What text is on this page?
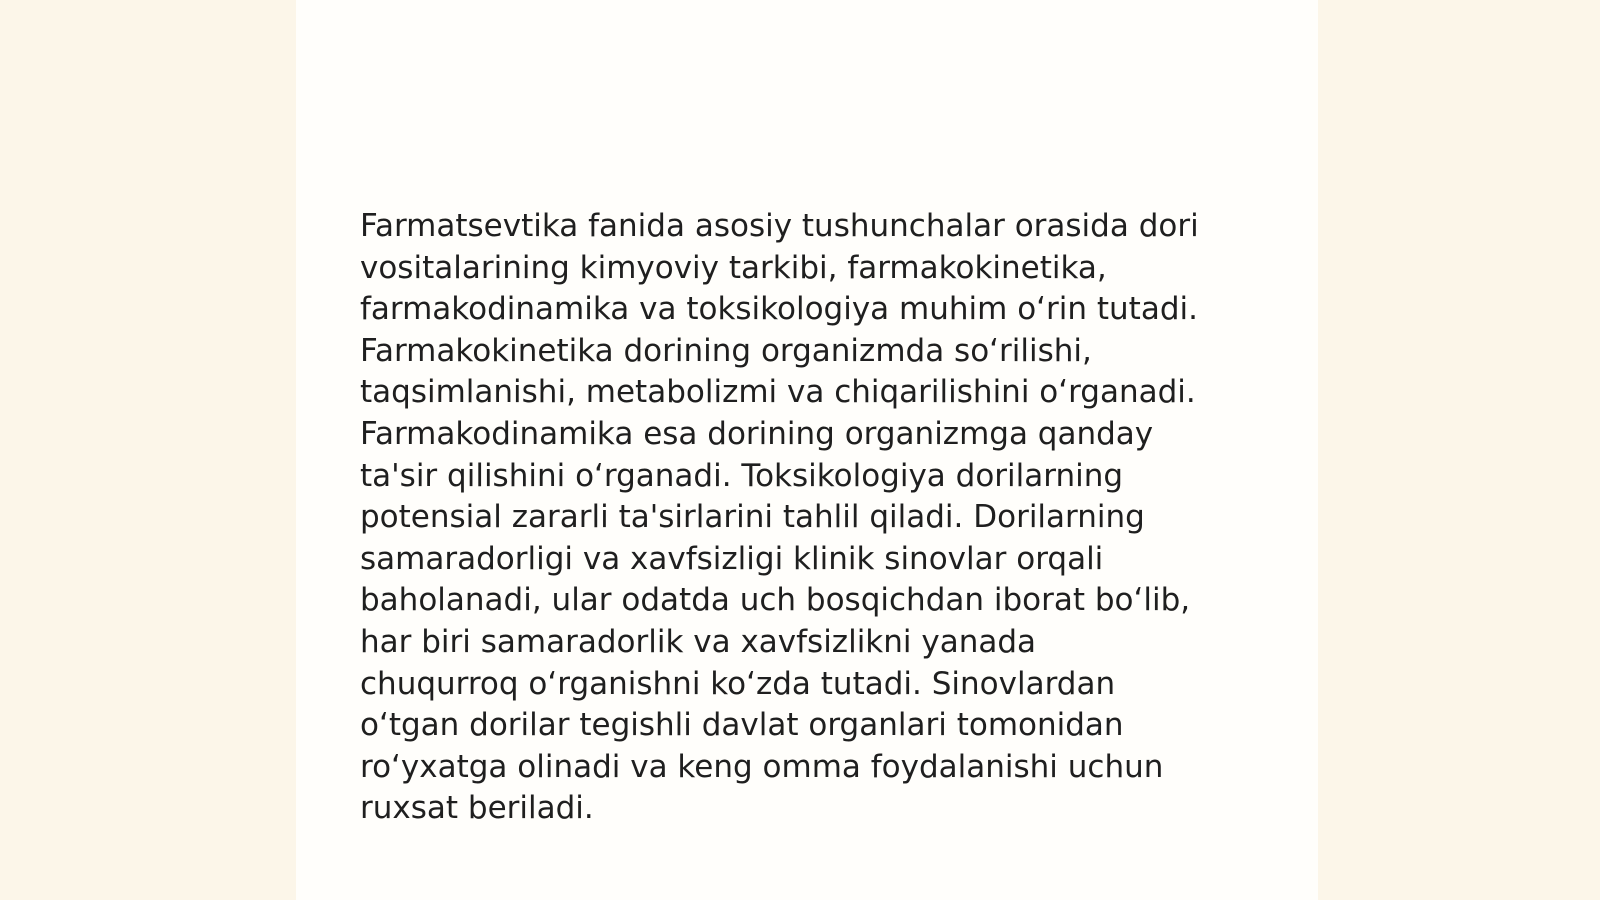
Farmatsevtika fanida asosiy tushunchalar orasida dori
vositalarining kimyoviy tarkibi, farmakokinetika,
farmakodinamika va toksikologiya muhim o‘rin tutadi.
Farmakokinetika dorining organizmda so‘rilishi,
taqsimlanishi, metabolizmi va chiqarilishini o‘rganadi.
Farmakodinamika esa dorining organizmga qanday
ta'sir qilishini o‘rganadi. Toksikologiya dorilarning
potensial zararli ta'sirlarini tahlil qiladi. Dorilarning
samaradorligi va xavfsizligi klinik sinovlar orqali
baholanadi, ular odatda uch bosqichdan iborat bo‘lib,
har biri samaradorlik va xavfsizlikni yanada
chuqurroq o‘rganishni ko‘zda tutadi. Sinovlardan
o‘tgan dorilar tegishli davlat organlari tomonidan
ro‘yxatga olinadi va keng omma foydalanishi uchun
ruxsat beriladi.
